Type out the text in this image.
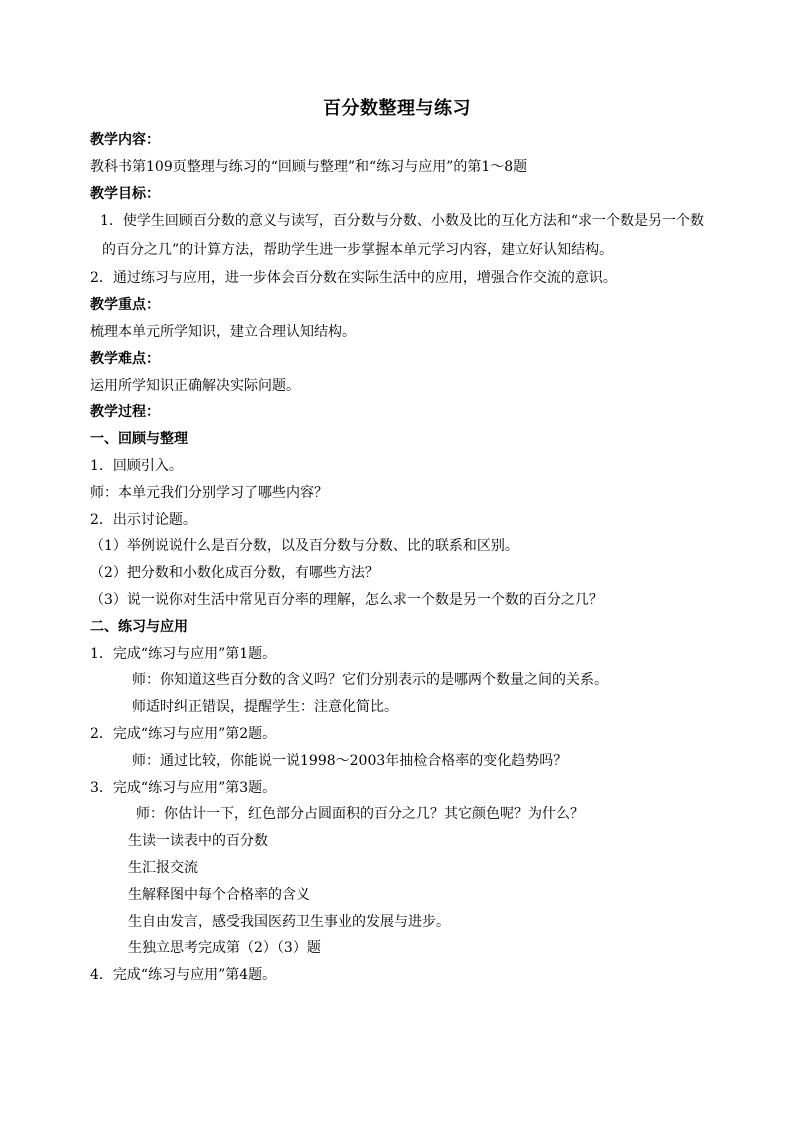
百分数整理与练习

教学内容：

教科书第109页整理与练习的“回顾与整理”和“练习与应用”的第1～8题

教学目标：

1．使学生回顾百分数的意义与读写，百分数与分数、小数及比的互化方法和“求一个数是另一个数的百分之几”的计算方法，帮助学生进一步掌握本单元学习内容，建立好认知结构。

2．通过练习与应用，进一步体会百分数在实际生活中的应用，增强合作交流的意识。

教学重点：

梳理本单元所学知识，建立合理认知结构。

教学难点：

运用所学知识正确解决实际问题。

教学过程：

一、回顾与整理

1．回顾引入。

师：本单元我们分别学习了哪些内容？

2．出示讨论题。

（1）举例说说什么是百分数，以及百分数与分数、比的联系和区别。

（2）把分数和小数化成百分数，有哪些方法？

（3）说一说你对生活中常见百分率的理解，怎么求一个数是另一个数的百分之几？

二、练习与应用

1．完成“练习与应用”第1题。

师：你知道这些百分数的含义吗？它们分别表示的是哪两个数量之间的关系。

师适时纠正错误，提醒学生：注意化简比。

2．完成“练习与应用”第2题。

师：通过比较，你能说一说1998～2003年抽检合格率的变化趋势吗？

3．完成“练习与应用”第3题。

师：你估计一下，红色部分占圆面积的百分之几？其它颜色呢？为什么？

生读一读表中的百分数

生汇报交流

生解释图中每个合格率的含义

生自由发言，感受我国医药卫生事业的发展与进步。

生独立思考完成第（2）（3）题

4．完成“练习与应用”第4题。
